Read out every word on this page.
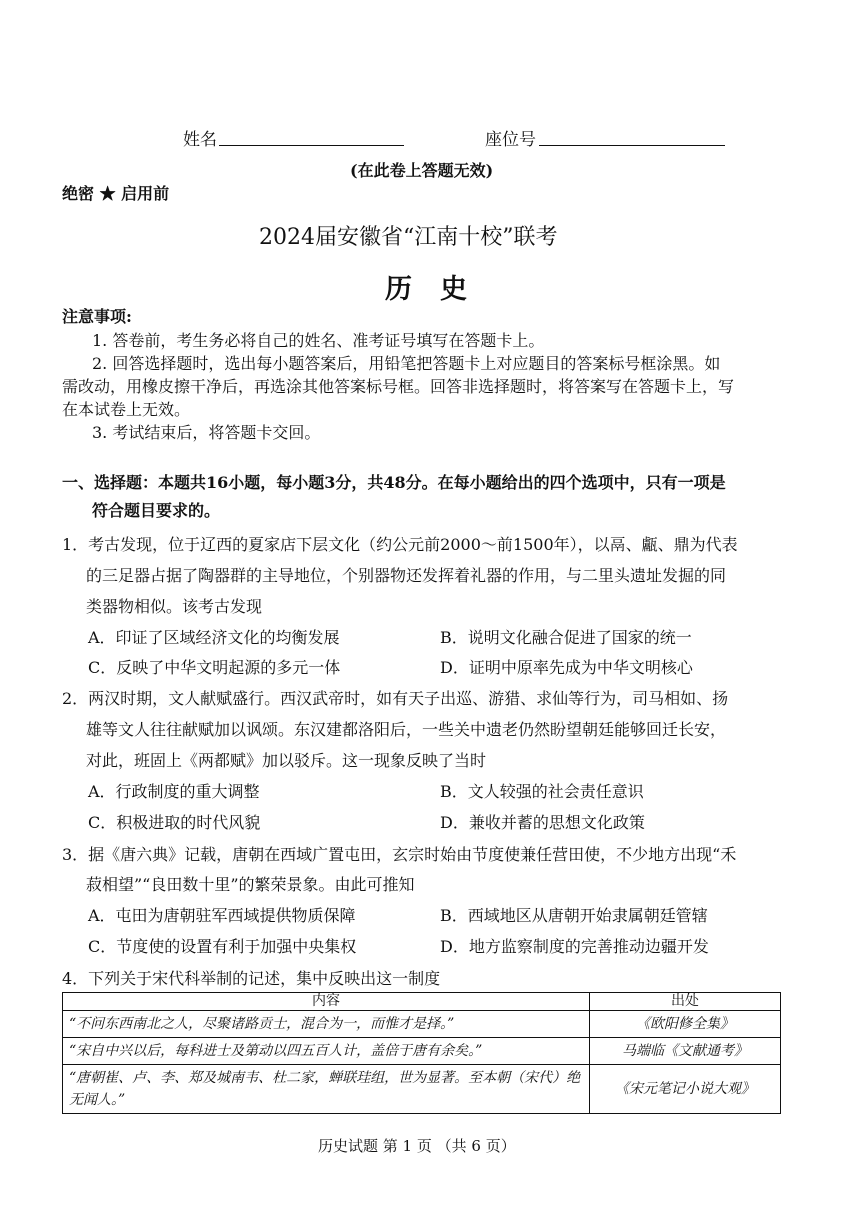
姓名	座位号
(在此卷上答题无效)
绝密 ★ 启用前
2024届安徽省“江南十校”联考
历史
注意事项:
1. 答卷前，考生务必将自己的姓名、准考证号填写在答题卡上。
2. 回答选择题时，选出每小题答案后，用铅笔把答题卡上对应题目的答案标号框涂黑。如
需改动，用橡皮擦干净后，再选涂其他答案标号框。回答非选择题时，将答案写在答题卡上，写
在本试卷上无效。
3. 考试结束后，将答题卡交回。
一、选择题：本题共16小题，每小题3分，共48分。在每小题给出的四个选项中，只有一项是
符合题目要求的。
1．考古发现，位于辽西的夏家店下层文化（约公元前2000～前1500年），以鬲、甗、鼎为代表
的三足器占据了陶器群的主导地位，个别器物还发挥着礼器的作用，与二里头遗址发掘的同
类器物相似。该考古发现
A．印证了区域经济文化的均衡发展	B．说明文化融合促进了国家的统一
C．反映了中华文明起源的多元一体	D．证明中原率先成为中华文明核心
2．两汉时期，文人献赋盛行。西汉武帝时，如有天子出巡、游猎、求仙等行为，司马相如、扬
雄等文人往往献赋加以讽颂。东汉建都洛阳后，一些关中遗老仍然盼望朝廷能够回迁长安，
对此，班固上《两都赋》加以驳斥。这一现象反映了当时
A．行政制度的重大调整	B．文人较强的社会责任意识
C．积极进取的时代风貌	D．兼收并蓄的思想文化政策
3．据《唐六典》记载，唐朝在西域广置屯田，玄宗时始由节度使兼任营田使，不少地方出现“禾
菽相望”“良田数十里”的繁荣景象。由此可推知
A．屯田为唐朝驻军西域提供物质保障	B．西域地区从唐朝开始隶属朝廷管辖
C．节度使的设置有利于加强中央集权	D．地方监察制度的完善推动边疆开发
4．下列关于宋代科举制的记述，集中反映出这一制度
内容	出处
“不问东西南北之人，尽聚诸路贡士，混合为一，而惟才是择。”	《欧阳修全集》
“宋自中兴以后，每科进士及第动以四五百人计，盖倍于唐有余矣。”	马端临《文献通考》
“唐朝崔、卢、李、郑及城南韦、杜二家，蝉联珪组，世为显著。至本朝（宋代）绝无闻人。”	《宋元笔记小说大观》
历史试题 第 1 页 （共 6 页）
